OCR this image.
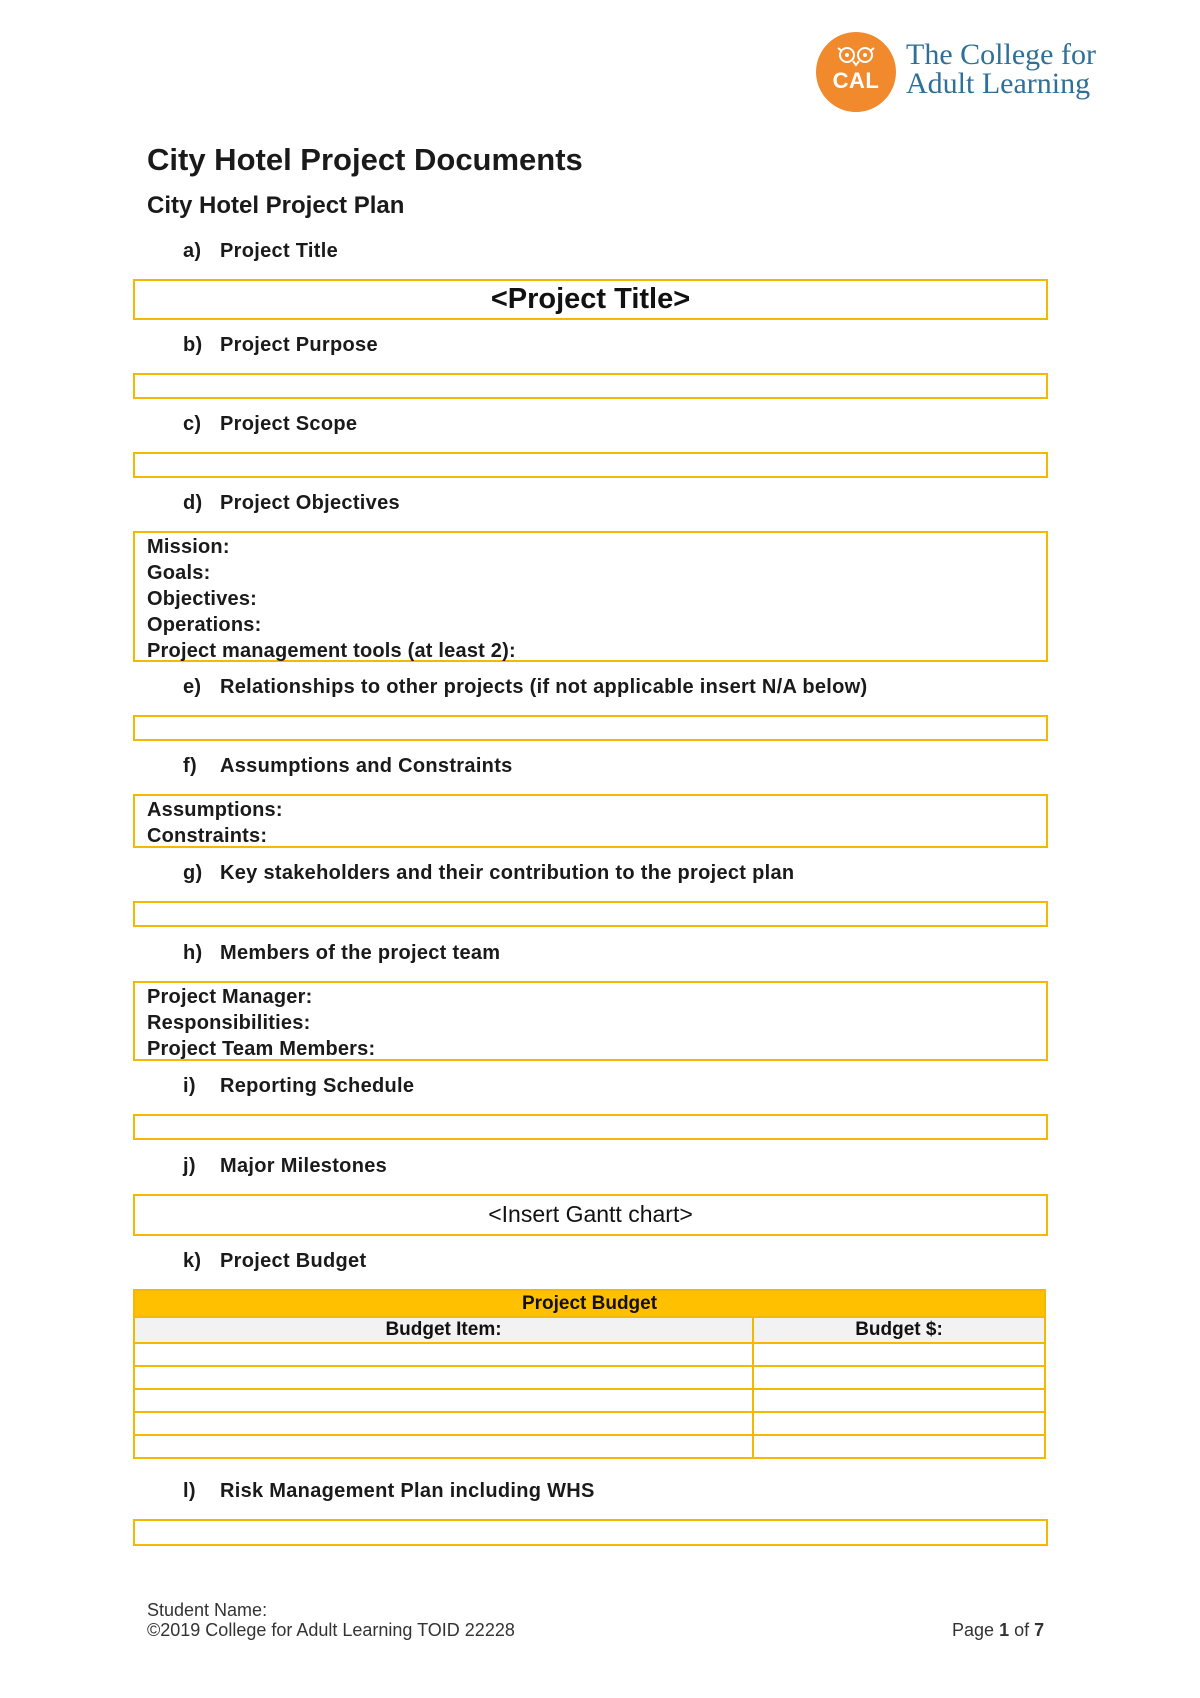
CAL
The College for
Adult Learning
City Hotel Project Documents
City Hotel Project Plan
a) Project Title
<Project Title>
b) Project Purpose
c) Project Scope
d) Project Objectives
Mission:
Goals:
Objectives:
Operations:
Project management tools (at least 2):
e) Relationships to other projects (if not applicable insert N/A below)
f) Assumptions and Constraints
Assumptions:
Constraints:
g) Key stakeholders and their contribution to the project plan
h) Members of the project team
Project Manager:
Responsibilities:
Project Team Members:
i) Reporting Schedule
j) Major Milestones
<Insert Gantt chart>
k) Project Budget
Project Budget	
Budget Item:	Budget $:

l) Risk Management Plan including WHS
Student Name:
©2019 College for Adult Learning TOID 22228	Page 1 of 7
